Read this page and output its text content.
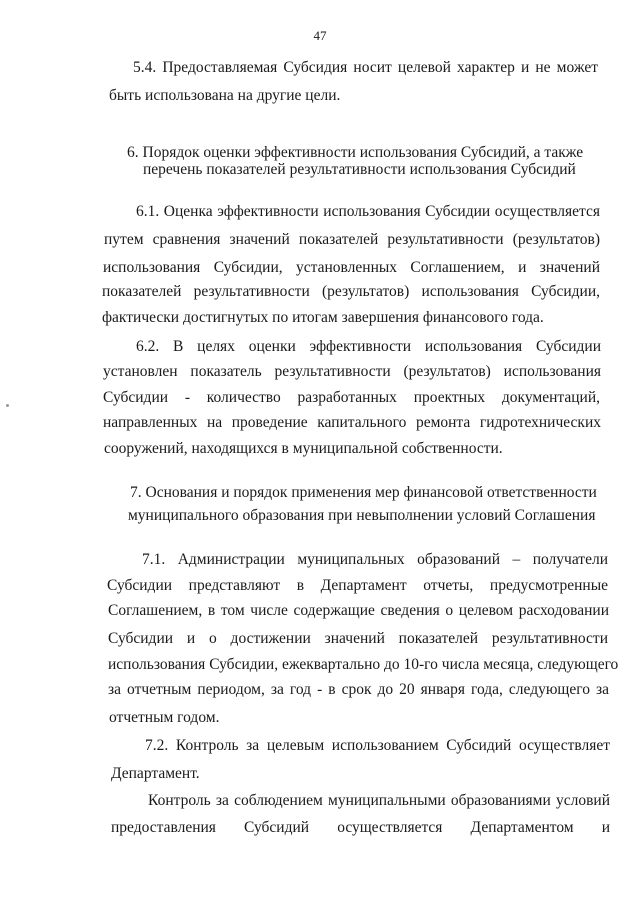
47
5.4. Предоставляемая Субсидия носит целевой характер и не может
быть использована на другие цели.
6. Порядок оценки эффективности использования Субсидий, а также
перечень показателей результативности использования Субсидий
6.1. Оценка эффективности использования Субсидии осуществляется
путем сравнения значений показателей результативности (результатов)
использования Субсидии, установленных Соглашением, и значений
показателей результативности (результатов) использования Субсидии,
фактически достигнутых по итогам завершения финансового года.
6.2. В целях оценки эффективности использования Субсидии
установлен показатель результативности (результатов) использования
Субсидии - количество разработанных проектных документаций,
направленных на проведение капитального ремонта гидротехнических
сооружений, находящихся в муниципальной собственности.
7. Основания и порядок применения мер финансовой ответственности
муниципального образования при невыполнении условий Соглашения
7.1. Администрации муниципальных образований – получатели
Субсидии представляют в Департамент отчеты, предусмотренные
Соглашением, в том числе содержащие сведения о целевом расходовании
Субсидии и о достижении значений показателей результативности
использования Субсидии, ежеквартально до 10-го числа месяца, следующего
за отчетным периодом, за год - в срок до 20 января года, следующего за
отчетным годом.
7.2. Контроль за целевым использованием Субсидий осуществляет
Департамент.
Контроль за соблюдением муниципальными образованиями условий
предоставления Субсидий осуществляется Департаментом и
